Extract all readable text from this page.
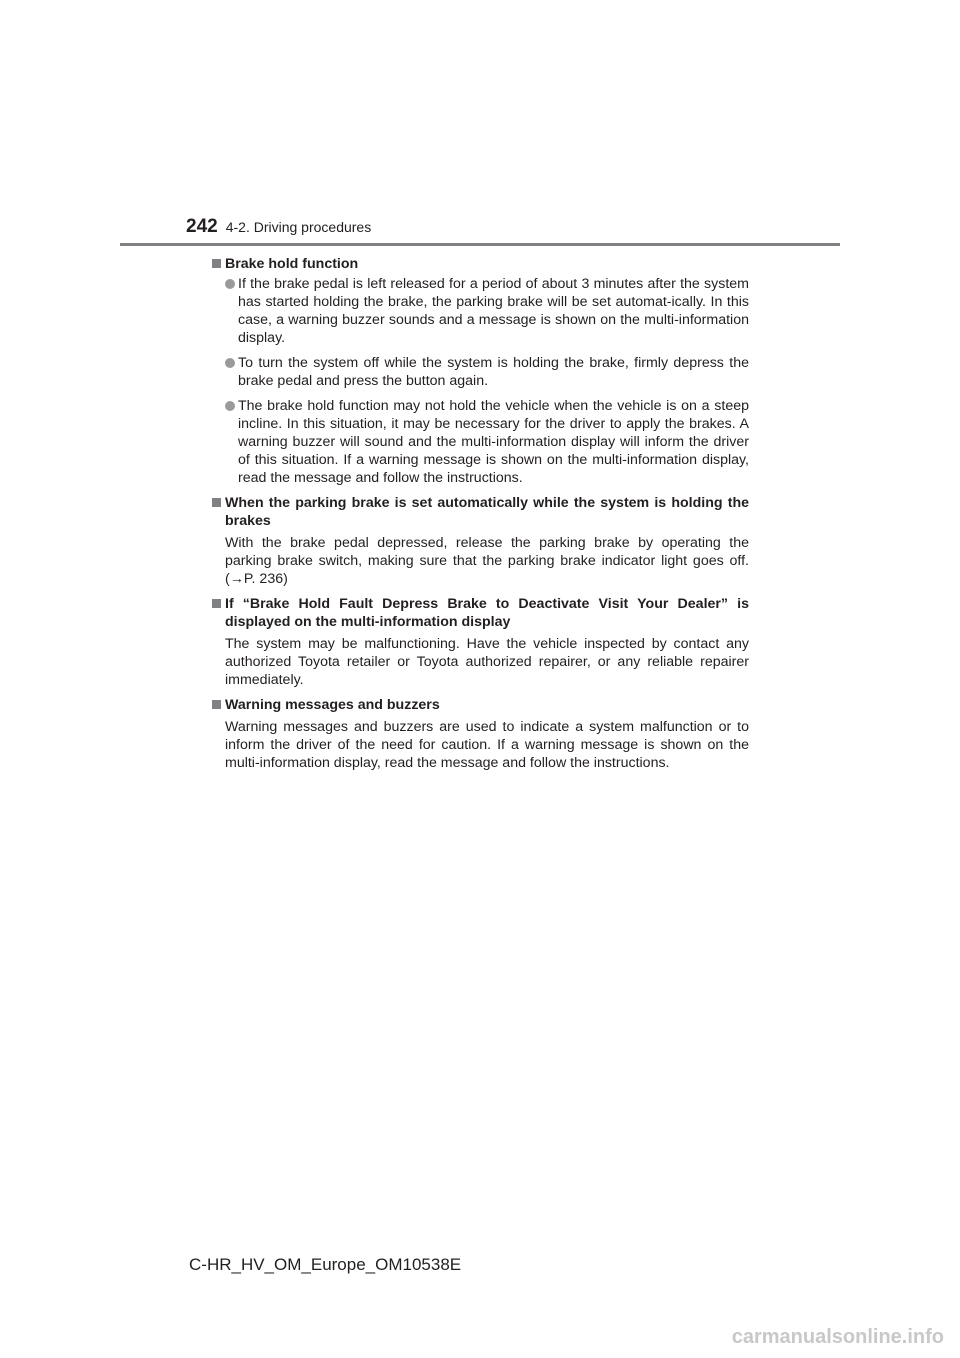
242 4-2. Driving procedures
Brake hold function
If the brake pedal is left released for a period of about 3 minutes after the system has started holding the brake, the parking brake will be set automat-ically. In this case, a warning buzzer sounds and a message is shown on the multi-information display.
To turn the system off while the system is holding the brake, firmly depress the brake pedal and press the button again.
The brake hold function may not hold the vehicle when the vehicle is on a steep incline. In this situation, it may be necessary for the driver to apply the brakes. A warning buzzer will sound and the multi-information display will inform the driver of this situation. If a warning message is shown on the multi-information display, read the message and follow the instructions.
When the parking brake is set automatically while the system is holding the brakes
With the brake pedal depressed, release the parking brake by operating the parking brake switch, making sure that the parking brake indicator light goes off. (→P. 236)
If “Brake Hold Fault Depress Brake to Deactivate Visit Your Dealer” is displayed on the multi-information display
The system may be malfunctioning. Have the vehicle inspected by contact any authorized Toyota retailer or Toyota authorized repairer, or any reliable repairer immediately.
Warning messages and buzzers
Warning messages and buzzers are used to indicate a system malfunction or to inform the driver of the need for caution. If a warning message is shown on the multi-information display, read the message and follow the instructions.
C-HR_HV_OM_Europe_OM10538E
carmanualsonline.info
